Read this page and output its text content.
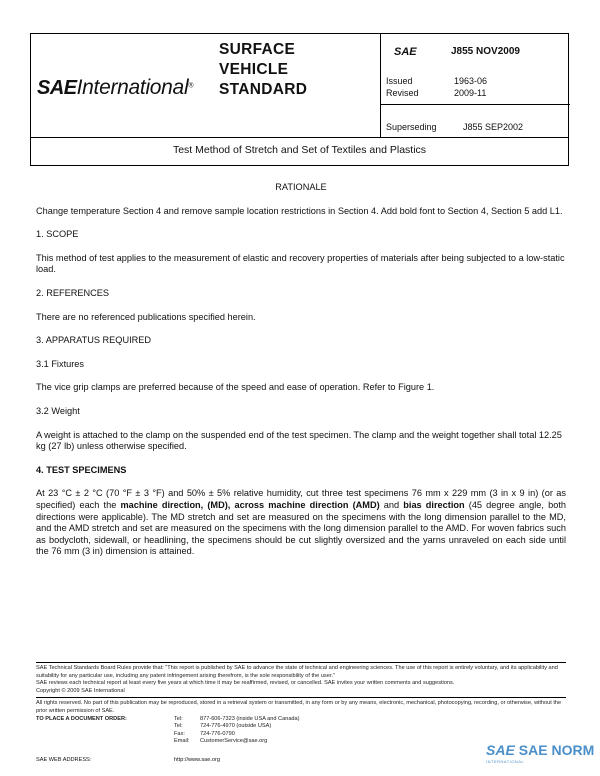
SAEInternational®
SURFACE
VEHICLE
STANDARD
SAE	J855 NOV2009
Issued	1963-06
Revised	2009-11
Superseding	J855 SEP2002
Test Method of Stretch and Set of Textiles and Plastics

RATIONALE

Change temperature Section 4 and remove sample location restrictions in Section 4. Add bold font to Section 4, Section 5 add L1.

1. SCOPE

This method of test applies to the measurement of elastic and recovery properties of materials after being subjected to a low-static load.

2. REFERENCES

There are no referenced publications specified herein.

3. APPARATUS REQUIRED

3.1 Fixtures

The vice grip clamps are preferred because of the speed and ease of operation. Refer to Figure 1.

3.2 Weight

A weight is attached to the clamp on the suspended end of the test specimen. The clamp and the weight together shall total 12.25 kg (27 lb) unless otherwise specified.

4. TEST SPECIMENS

At 23 °C ± 2 °C (70 °F ± 3 °F) and 50% ± 5% relative humidity, cut three test specimens 76 mm x 229 mm (3 in x 9 in) (or as specified) each the machine direction, (MD), across machine direction (AMD) and bias direction (45 degree angle, both directions were applicable). The MD stretch and set are measured on the specimens with the long dimension parallel to the MD, and the AMD stretch and set are measured on the specimens with the long dimension parallel to the AMD. For woven fabrics such as bodycloth, sidewall, or headlining, the specimens should be cut slightly oversized and the yarns unraveled on each side until the 76 mm (3 in) dimension is attained.

SAE Technical Standards Board Rules provide that: "This report is published by SAE to advance the state of technical and engineering sciences. The use of this report is entirely voluntary, and its applicability and suitability for any particular use, including any patent infringement arising therefrom, is the sole responsibility of the user."

SAE reviews each technical report at least every five years at which time it may be reaffirmed, revised, or cancelled. SAE invites your written comments and suggestions.

Copyright © 2009 SAE International

All rights reserved. No part of this publication may be reproduced, stored in a retrieval system or transmitted, in any form or by any means, electronic, mechanical, photocopying, recording, or otherwise, without the prior written permission of SAE.

TO PLACE A DOCUMENT ORDER:	Tel:	877-606-7323 (inside USA and Canada)
Tel:	724-776-4970 (outside USA)
Fax:	724-776-0790
Email: CustomerService@sae.org
SAE WEB ADDRESS:	http://www.sae.org
SAE SAE NORM
INTERNATIONAL
